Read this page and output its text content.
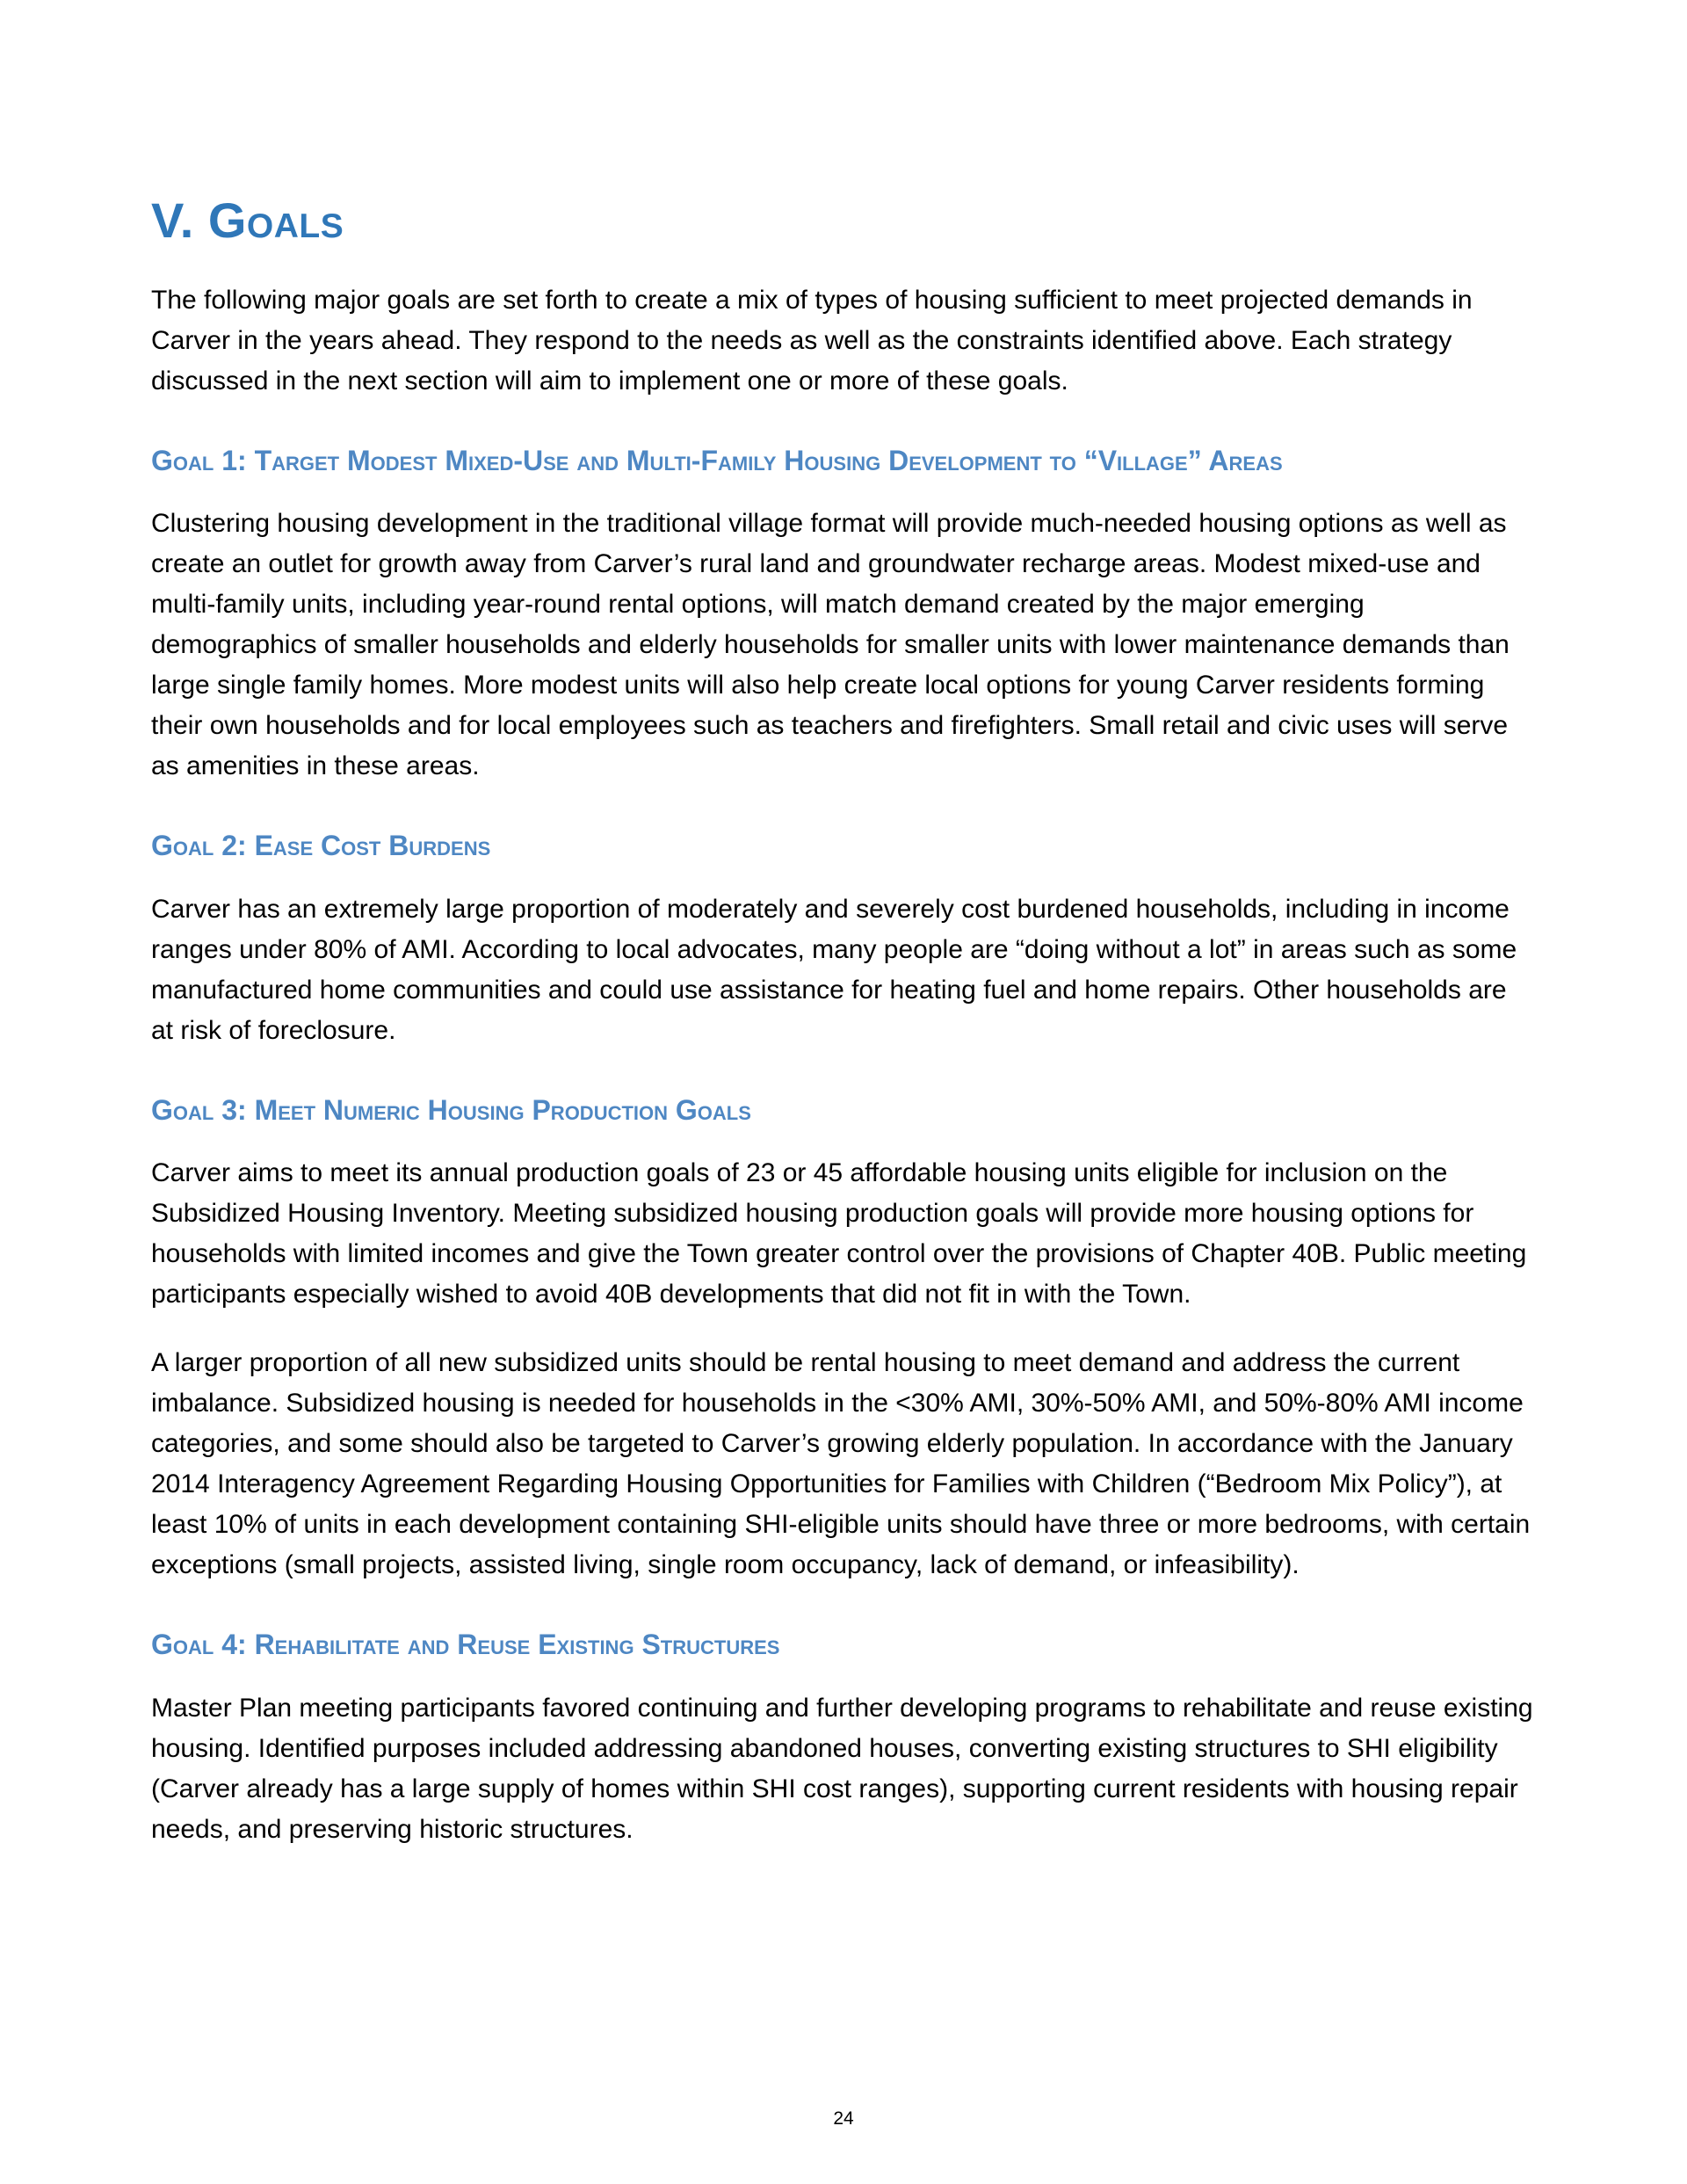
V. Goals

The following major goals are set forth to create a mix of types of housing sufficient to meet projected demands in Carver in the years ahead. They respond to the needs as well as the constraints identified above. Each strategy discussed in the next section will aim to implement one or more of these goals.

Goal 1: Target Modest Mixed-Use and Multi-Family Housing Development to “Village” Areas

Clustering housing development in the traditional village format will provide much-needed housing options as well as create an outlet for growth away from Carver’s rural land and groundwater recharge areas. Modest mixed-use and multi-family units, including year-round rental options, will match demand created by the major emerging demographics of smaller households and elderly households for smaller units with lower maintenance demands than large single family homes. More modest units will also help create local options for young Carver residents forming their own households and for local employees such as teachers and firefighters. Small retail and civic uses will serve as amenities in these areas.

Goal 2: Ease Cost Burdens

Carver has an extremely large proportion of moderately and severely cost burdened households, including in income ranges under 80% of AMI. According to local advocates, many people are “doing without a lot” in areas such as some manufactured home communities and could use assistance for heating fuel and home repairs. Other households are at risk of foreclosure.

Goal 3: Meet Numeric Housing Production Goals

Carver aims to meet its annual production goals of 23 or 45 affordable housing units eligible for inclusion on the Subsidized Housing Inventory. Meeting subsidized housing production goals will provide more housing options for households with limited incomes and give the Town greater control over the provisions of Chapter 40B. Public meeting participants especially wished to avoid 40B developments that did not fit in with the Town.

A larger proportion of all new subsidized units should be rental housing to meet demand and address the current imbalance. Subsidized housing is needed for households in the <30% AMI, 30%-50% AMI, and 50%-80% AMI income categories, and some should also be targeted to Carver’s growing elderly population. In accordance with the January 2014 Interagency Agreement Regarding Housing Opportunities for Families with Children (“Bedroom Mix Policy”), at least 10% of units in each development containing SHI-eligible units should have three or more bedrooms, with certain exceptions (small projects, assisted living, single room occupancy, lack of demand, or infeasibility).

Goal 4: Rehabilitate and Reuse Existing Structures

Master Plan meeting participants favored continuing and further developing programs to rehabilitate and reuse existing housing. Identified purposes included addressing abandoned houses, converting existing structures to SHI eligibility (Carver already has a large supply of homes within SHI cost ranges), supporting current residents with housing repair needs, and preserving historic structures.

24
